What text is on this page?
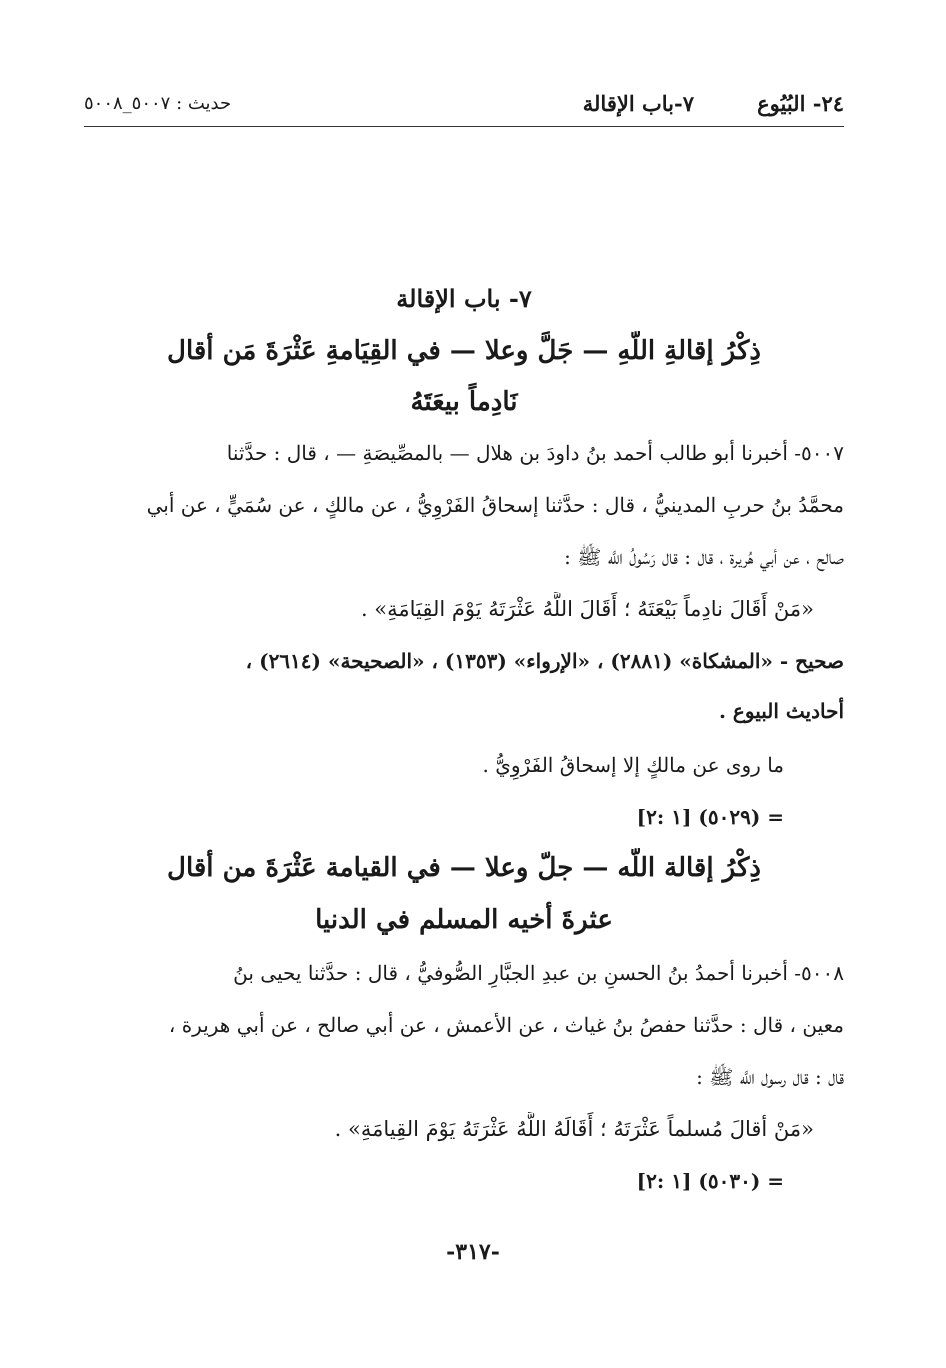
٢٤- البُيُوع
٧-باب الإقالة
حديث : ٥٠٠٧_٥٠٠٨
٧- باب الإقالة
ذِكْرُ إقالةِ اللَّهِ — جَلَّ وعلا — في القِيَامةِ عَثْرَةَ مَن أقال
نَادِماً بيعَتَهُ
٥٠٠٧- أخبرنا أبو طالب أحمد بنُ داودَ بن هلال — بالمصِّيصَةِ — ، قال : حدَّثنا
محمَّدُ بنُ حربِ المدينيُّ ، قال : حدَّثنا إسحاقُ الفَرْوِيُّ ، عن مالكٍ ، عن سُمَيٍّ ، عن أبي
صالح ، عن أبي هُريرة ، قال : قال رَسُولُ اللَّه ﷺ :
«مَنْ أَقَالَ نادِماً بَيْعَتَهُ ؛ أَقَالَ اللَّهُ عَثْرَتَهُ يَوْمَ القِيَامَةِ» .
صحيح - «المشكاة» (٢٨٨١) ، «الإرواء» (١٣٥٣) ، «الصحيحة» (٢٦١٤) ،
أحاديث البيوع .
ما روى عن مالكٍ إلا إسحاقُ الفَرْوِيُّ .
= (٥٠٢٩) [١ :٢]
ذِكْرُ إقالة اللَّه — جلّ وعلا — في القيامة عَثْرَةَ من أقال
عثرةَ أخيه المسلم في الدنيا
٥٠٠٨- أخبرنا أحمدُ بنُ الحسنِ بن عبدِ الجبَّارِ الصُّوفيُّ ، قال : حدَّثنا يحيى بنُ
معين ، قال : حدَّثنا حفصُ بنُ غياث ، عن الأعمش ، عن أبي صالح ، عن أبي هريرة ،
قال : قال رسول اللَّه ﷺ :
«مَنْ أقالَ مُسلماً عَثْرَتَهُ ؛ أَقَالَهُ اللَّهُ عَثْرَتَهُ يَوْمَ القِيامَةِ» .
= (٥٠٣٠) [١ :٢]
-٣١٧-
